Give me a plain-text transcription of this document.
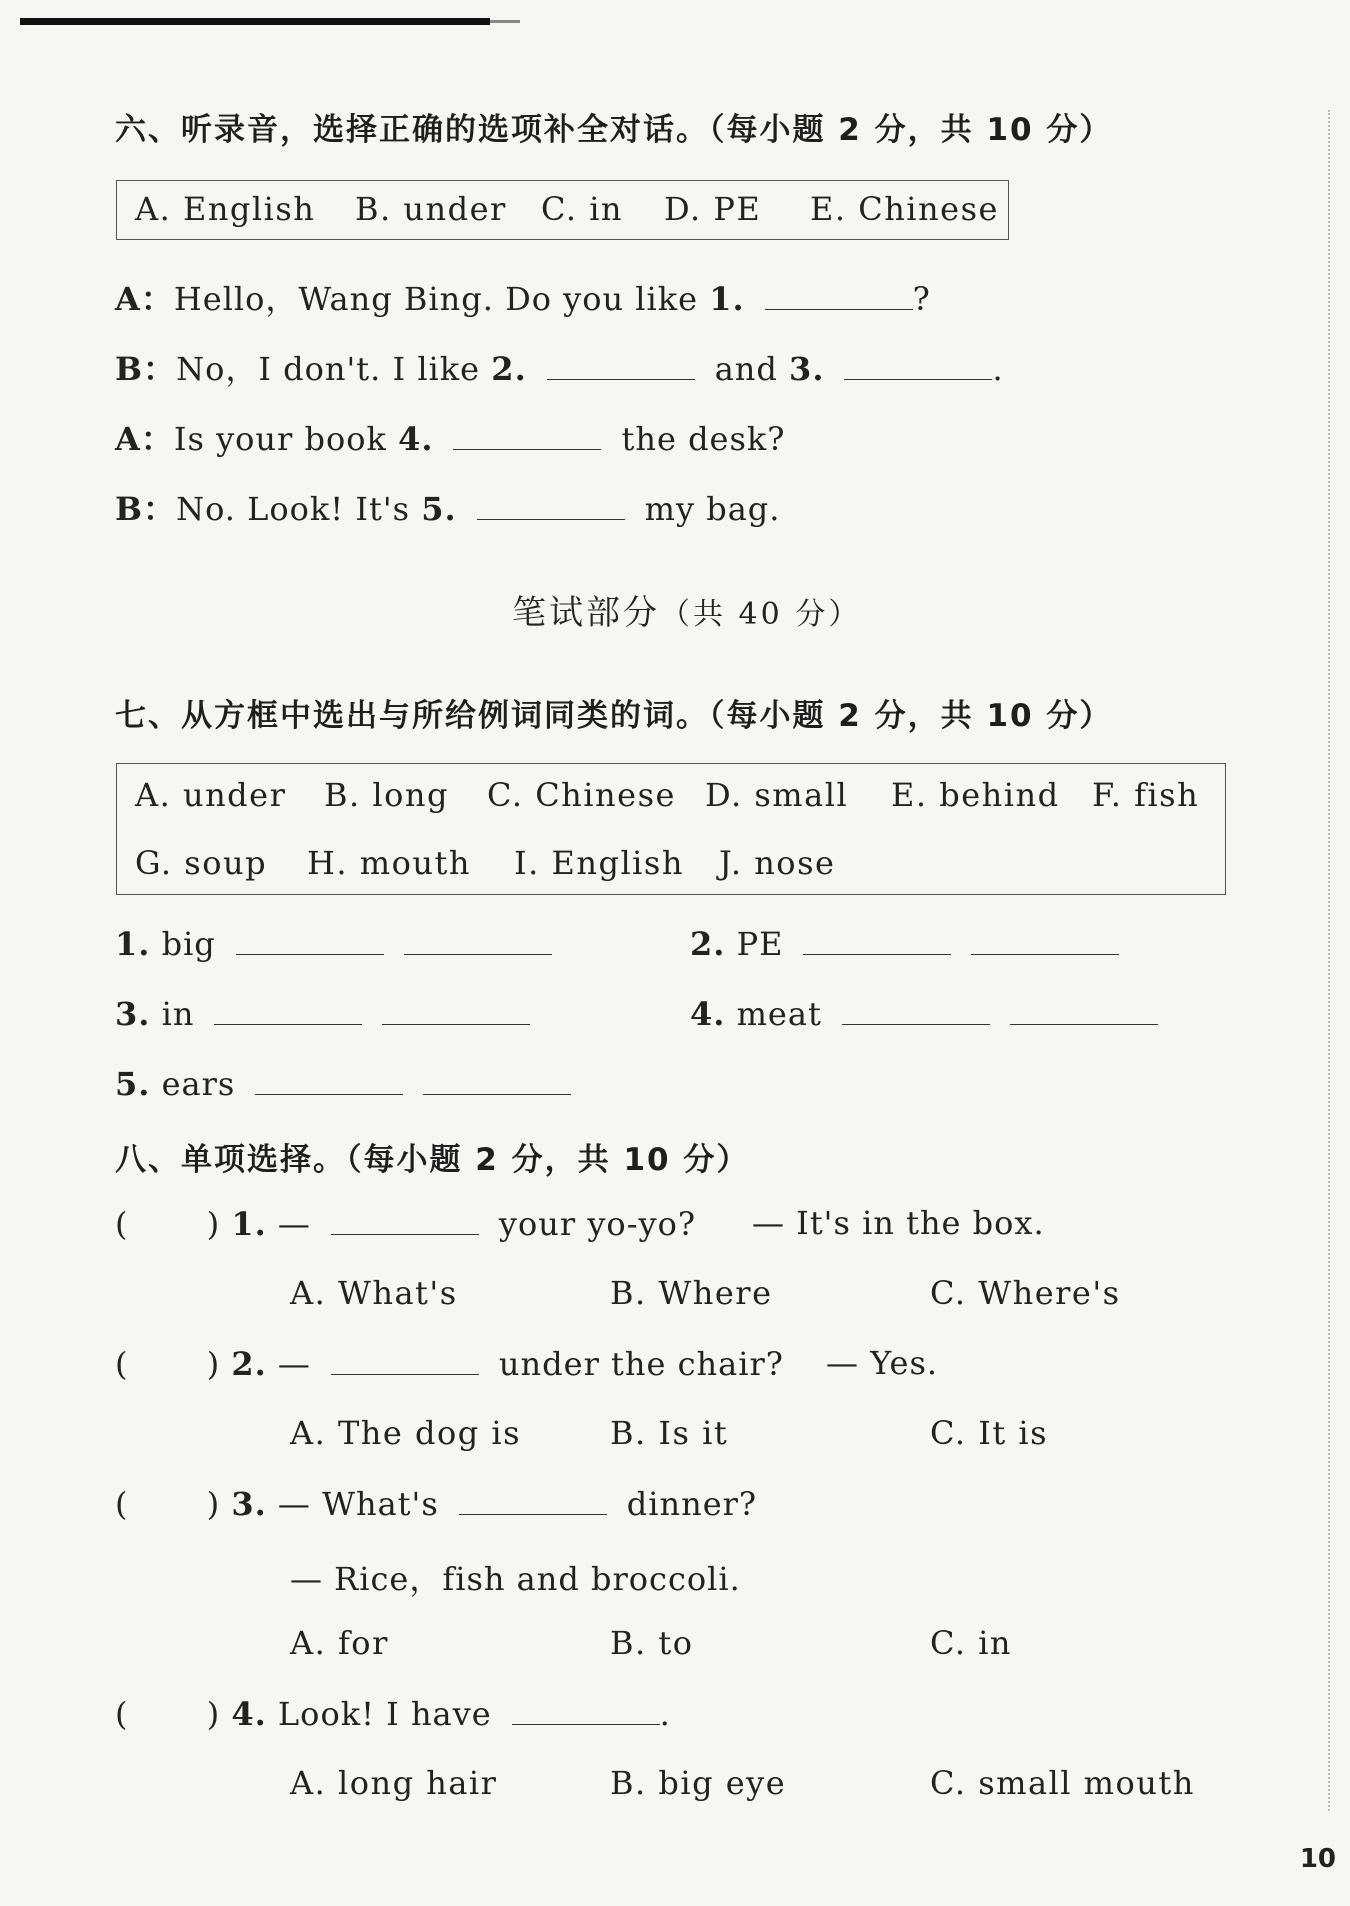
六、听录音，选择正确的选项补全对话。（每小题 2 分，共 10 分）
A. English B. under C. in D. PE E. Chinese
A：Hello，Wang Bing. Do you like 1.	?
B：No，I don't. I like 2.	and 3.	.
A：Is your book 4.	the desk?
B：No. Look! It's 5.	my bag.
笔试部分（共 40 分）
七、从方框中选出与所给例词同类的词。（每小题 2 分，共 10 分）
A. under B. long C. Chinese D. small E. behind F. fish
G. soup H. mouth I. English J. nose
1. big	2. PE
3. in	4. meat
5. ears
八、单项选择。（每小题 2 分，共 10 分）
(       ) 1. —	your yo-yo? — It's in the box.
A. What's	B. Where	C. Where's
(       ) 2. —	under the chair? — Yes.
A. The dog is	B. Is it	C. It is
(       ) 3. — What's	dinner?
— Rice，fish and broccoli.
A. for	B. to	C. in
(       ) 4. Look! I have	.
A. long hair	B. big eye	C. small mouth
10
